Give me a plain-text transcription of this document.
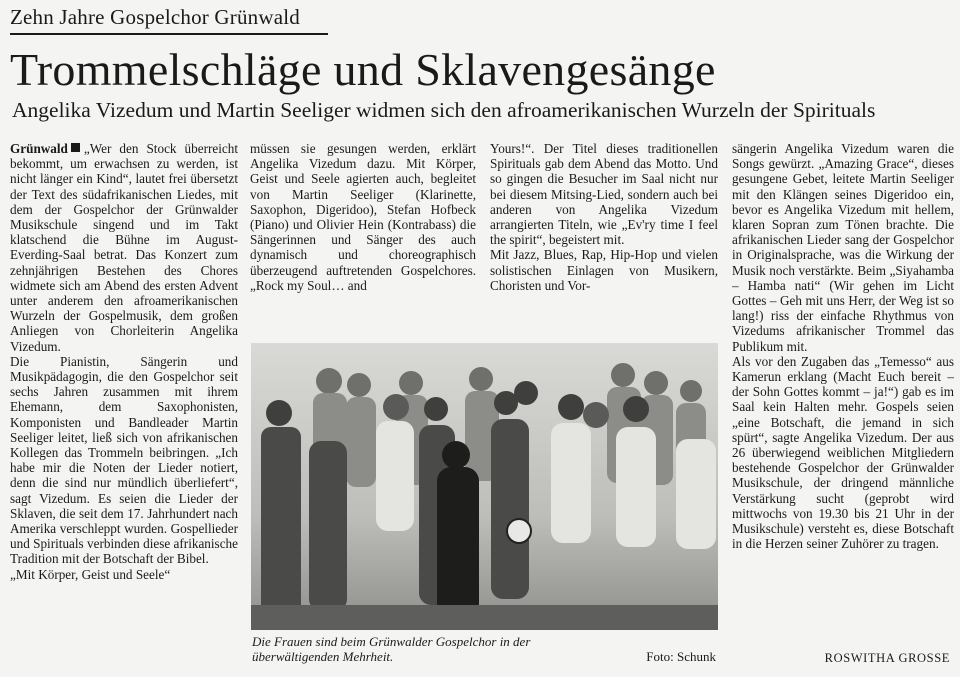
Zehn Jahre Gospelchor Grünwald
Trommelschläge und Sklavengesänge
Angelika Vizedum und Martin Seeliger widmen sich den afroamerikanischen Wurzeln der Spirituals

Grünwald „Wer den Stock überreicht bekommt, um erwachsen zu werden, ist nicht länger ein Kind“, lautet frei übersetzt der Text des südafrikanischen Liedes, mit dem der Gospelchor der Grünwalder Musikschule singend und im Takt klatschend die Bühne im August-Everding-Saal betrat. Das Konzert zum zehnjährigen Bestehen des Chores widmete sich am Abend des ersten Advent unter anderem den afroamerikanischen Wurzeln der Gospelmusik, dem großen Anliegen von Chorleiterin Angelika Vizedum.
Die Pianistin, Sängerin und Musikpädagogin, die den Gospelchor seit sechs Jahren zusammen mit ihrem Ehemann, dem Saxophonisten, Komponisten und Bandleader Martin Seeliger leitet, ließ sich von afrikanischen Kollegen das Trommeln beibringen. „Ich habe mir die Noten der Lieder notiert, denn die sind nur mündlich überliefert“, sagt Vizedum. Es seien die Lieder der Sklaven, die seit dem 17. Jahrhundert nach Amerika verschleppt wurden. Gospellieder und Spirituals verbinden diese afrikanische Tradition mit der Botschaft der Bibel.
„Mit Körper, Geist und Seele“

müssen sie gesungen werden, erklärt Angelika Vizedum dazu. Mit Körper, Geist und Seele agierten auch, begleitet von Martin Seeliger (Klarinette, Saxophon, Digeridoo), Stefan Hofbeck (Piano) und Olivier Hein (Kontrabass) die Sängerinnen und Sänger des auch dynamisch und choreographisch überzeugend auftretenden Gospelchores. „Rock my Soul… and

Yours!“. Der Titel dieses traditionellen Spirituals gab dem Abend das Motto. Und so gingen die Besucher im Saal nicht nur bei diesem Mitsing-Lied, sondern auch bei anderen von Angelika Vizedum arrangierten Titeln, wie „Ev'ry time I feel the spirit“, begeistert mit.
Mit Jazz, Blues, Rap, Hip-Hop und vielen solistischen Einlagen von Musikern, Choristen und Vor-

sängerin Angelika Vizedum waren die Songs gewürzt. „Amazing Grace“, dieses gesungene Gebet, leitete Martin Seeliger mit den Klängen seines Digeridoo ein, bevor es Angelika Vizedum mit hellem, klaren Sopran zum Tönen brachte. Die afrikanischen Lieder sang der Gospelchor in Originalsprache, was die Wirkung der Musik noch verstärkte. Beim „Siyahamba – Hamba nati“ (Wir gehen im Licht Gottes – Geh mit uns Herr, der Weg ist so lang!) riss der einfache Rhythmus von Vizedums afrikanischer Trommel das Publikum mit.
Als vor den Zugaben das „Temesso“ aus Kamerun erklang (Macht Euch bereit – der Sohn Gottes kommt – ja!“) gab es im Saal kein Halten mehr. Gospels seien „eine Botschaft, die jemand in sich spürt“, sagte Angelika Vizedum. Der aus 26 überwiegend weiblichen Mitgliedern bestehende Gospelchor der Grünwalder Musikschule, der dringend männliche Verstärkung sucht (geprobt wird mittwochs von 19.30 bis 21 Uhr in der Musikschule) versteht es, diese Botschaft in die Herzen seiner Zuhörer zu tragen.

Die Frauen sind beim Grünwalder Gospelchor in der überwältigenden Mehrheit.	Foto: Schunk	ROSWITHA GROSSE
